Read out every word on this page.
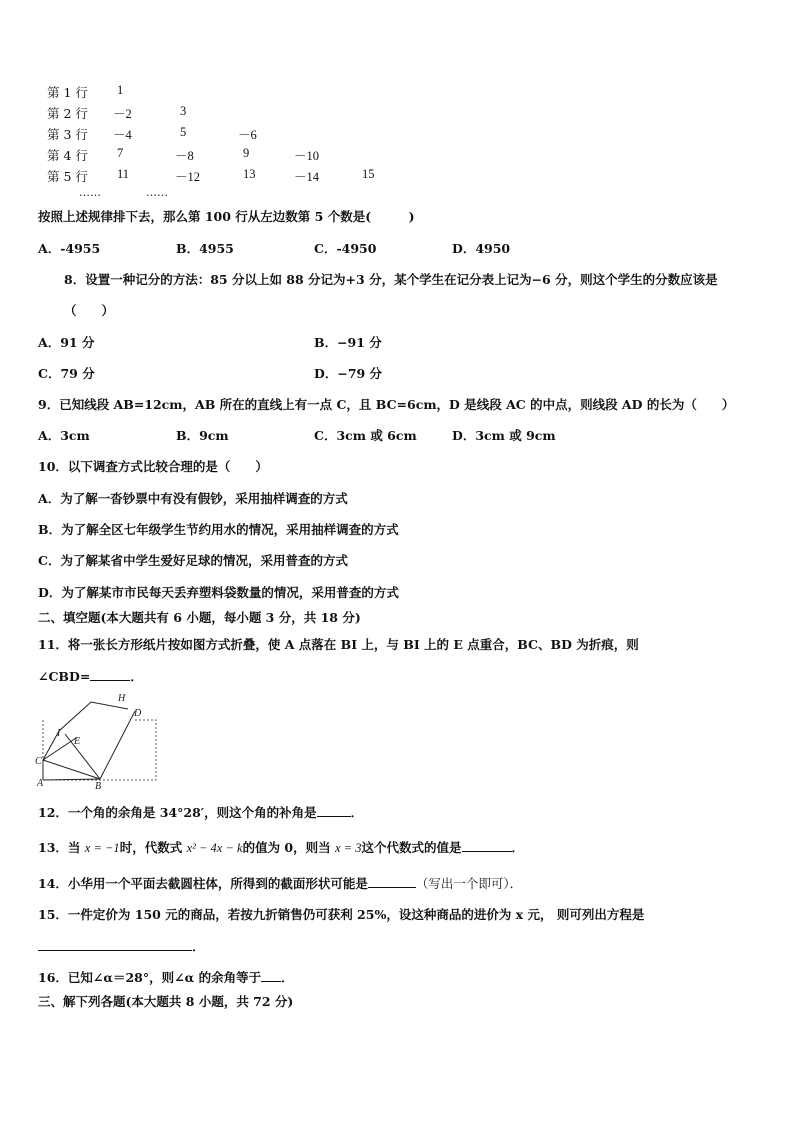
第 1 行 1
第 2 行 －2	3
第 3 行 －4	5	－6
第 4 行 7	－8	9	－10
第 5 行 11	－12	13	－14	15
……	……
按照上述规律排下去，那么第 100 行从左边数第 5 个数是(　　　)
A．-4955	B．4955	C．-4950	D．4950
8．设置一种记分的方法：85 分以上如 88 分记为+3 分，某个学生在记分表上记为−6 分，则这个学生的分数应该是
（　　）
A．91 分	B．−91 分
C．79 分	D．−79 分
9．已知线段 AB=12cm，AB 所在的直线上有一点 C，且 BC=6cm，D 是线段 AC 的中点，则线段 AD 的长为（　　）
A．3cm	B．9cm	C．3cm 或 6cm	D．3cm 或 9cm
10．以下调查方式比较合理的是（　　）
A．为了解一沓钞票中有没有假钞，采用抽样调查的方式
B．为了解全区七年级学生节约用水的情况，采用抽样调查的方式
C．为了解某省中学生爱好足球的情况，采用普查的方式
D．为了解某市市民每天丢弃塑料袋数量的情况，采用普查的方式
二、填空题(本大题共有 6 小题，每小题 3 分，共 18 分)
11．将一张长方形纸片按如图方式折叠，使 A 点落在 BI 上，与 BI 上的 E 点重合，BC、BD 为折痕，则
∠CBD=	．
H
D
I
E
C
A	B
12．一个角的余角是 34°28′，则这个角的补角是	．
13．当 x = −1时，代数式 x² − 4x − k的值为 0，则当 x = 3这个代数式的值是	．
14．小华用一个平面去截圆柱体，所得到的截面形状可能是	（写出一个即可）．
15．一件定价为 150 元的商品，若按九折销售仍可获利 25%，设这种商品的进价为 x 元， 则可列出方程是
．
16．已知∠α＝28°，则∠α 的余角等于 ．
三、解下列各题(本大题共 8 小题，共 72 分)
